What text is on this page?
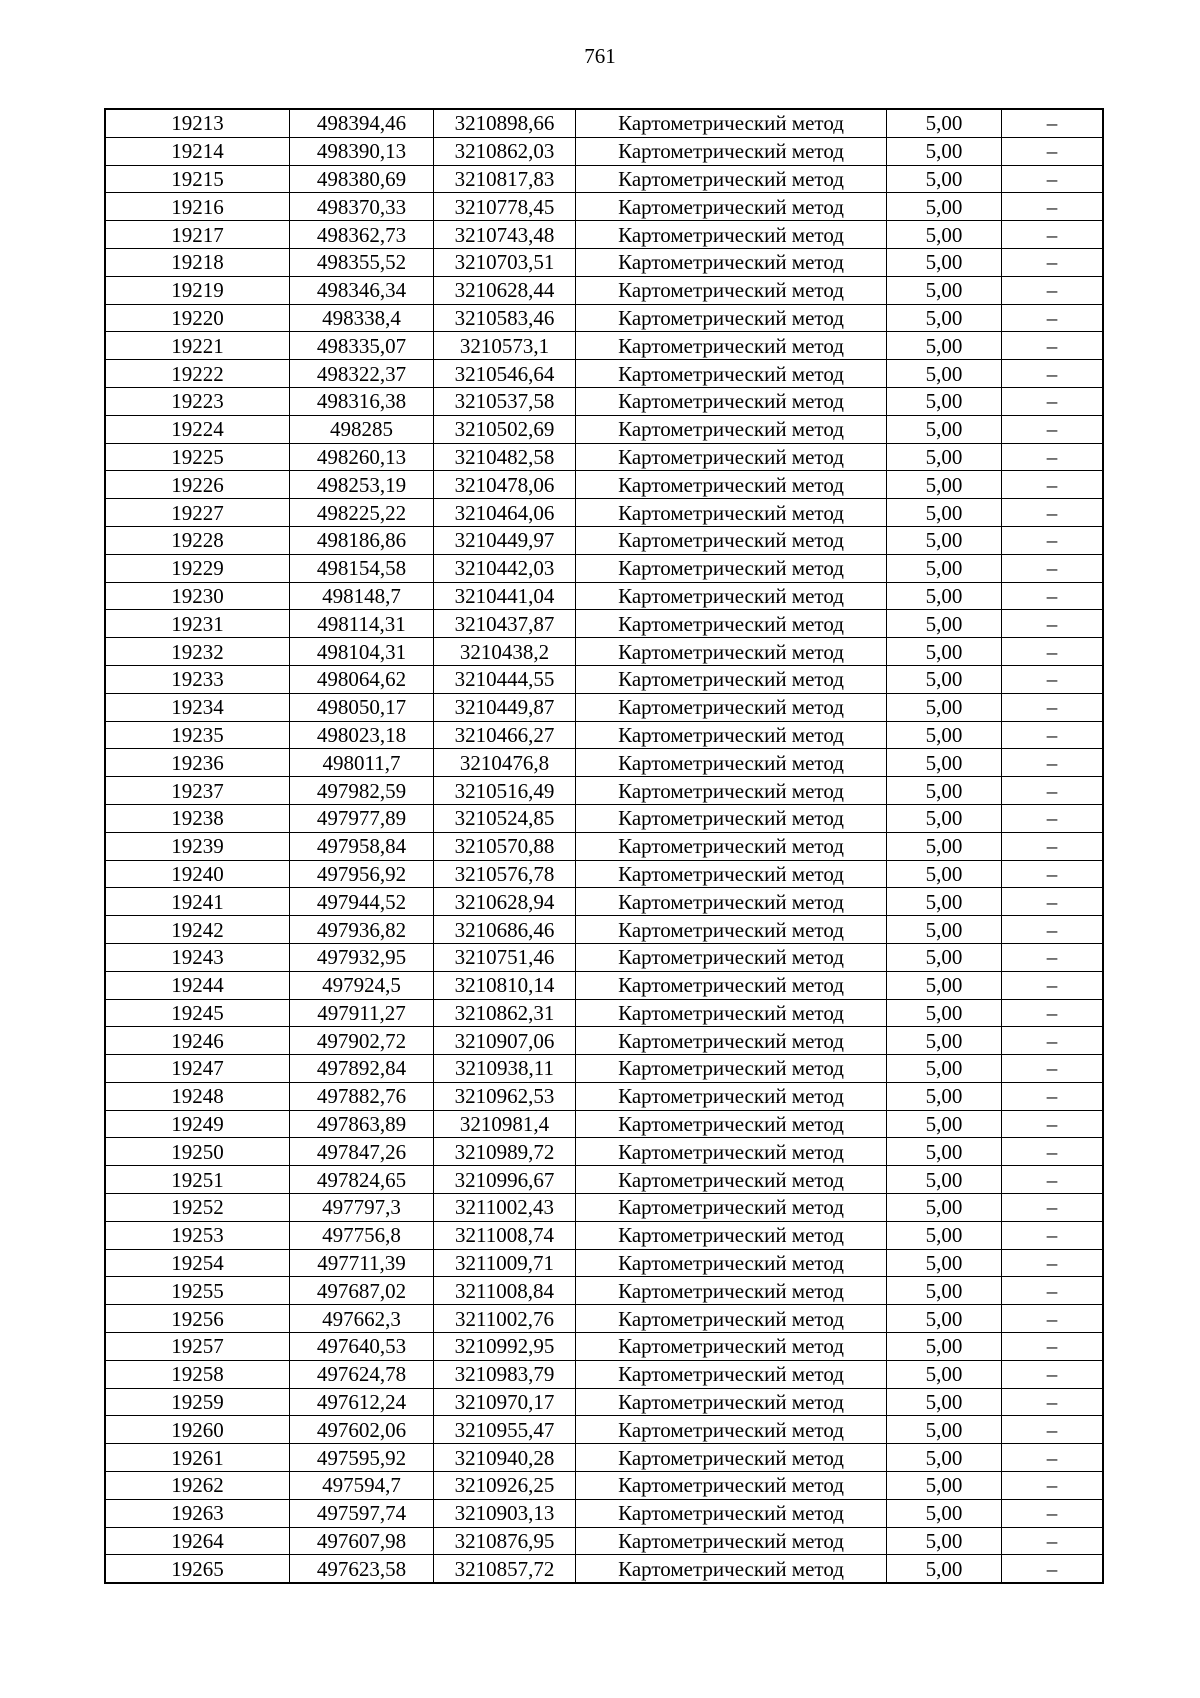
761
19213	498394,46	3210898,66	Картометрический метод	5,00	–
19214	498390,13	3210862,03	Картометрический метод	5,00	–
19215	498380,69	3210817,83	Картометрический метод	5,00	–
19216	498370,33	3210778,45	Картометрический метод	5,00	–
19217	498362,73	3210743,48	Картометрический метод	5,00	–
19218	498355,52	3210703,51	Картометрический метод	5,00	–
19219	498346,34	3210628,44	Картометрический метод	5,00	–
19220	498338,4	3210583,46	Картометрический метод	5,00	–
19221	498335,07	3210573,1	Картометрический метод	5,00	–
19222	498322,37	3210546,64	Картометрический метод	5,00	–
19223	498316,38	3210537,58	Картометрический метод	5,00	–
19224	498285	3210502,69	Картометрический метод	5,00	–
19225	498260,13	3210482,58	Картометрический метод	5,00	–
19226	498253,19	3210478,06	Картометрический метод	5,00	–
19227	498225,22	3210464,06	Картометрический метод	5,00	–
19228	498186,86	3210449,97	Картометрический метод	5,00	–
19229	498154,58	3210442,03	Картометрический метод	5,00	–
19230	498148,7	3210441,04	Картометрический метод	5,00	–
19231	498114,31	3210437,87	Картометрический метод	5,00	–
19232	498104,31	3210438,2	Картометрический метод	5,00	–
19233	498064,62	3210444,55	Картометрический метод	5,00	–
19234	498050,17	3210449,87	Картометрический метод	5,00	–
19235	498023,18	3210466,27	Картометрический метод	5,00	–
19236	498011,7	3210476,8	Картометрический метод	5,00	–
19237	497982,59	3210516,49	Картометрический метод	5,00	–
19238	497977,89	3210524,85	Картометрический метод	5,00	–
19239	497958,84	3210570,88	Картометрический метод	5,00	–
19240	497956,92	3210576,78	Картометрический метод	5,00	–
19241	497944,52	3210628,94	Картометрический метод	5,00	–
19242	497936,82	3210686,46	Картометрический метод	5,00	–
19243	497932,95	3210751,46	Картометрический метод	5,00	–
19244	497924,5	3210810,14	Картометрический метод	5,00	–
19245	497911,27	3210862,31	Картометрический метод	5,00	–
19246	497902,72	3210907,06	Картометрический метод	5,00	–
19247	497892,84	3210938,11	Картометрический метод	5,00	–
19248	497882,76	3210962,53	Картометрический метод	5,00	–
19249	497863,89	3210981,4	Картометрический метод	5,00	–
19250	497847,26	3210989,72	Картометрический метод	5,00	–
19251	497824,65	3210996,67	Картометрический метод	5,00	–
19252	497797,3	3211002,43	Картометрический метод	5,00	–
19253	497756,8	3211008,74	Картометрический метод	5,00	–
19254	497711,39	3211009,71	Картометрический метод	5,00	–
19255	497687,02	3211008,84	Картометрический метод	5,00	–
19256	497662,3	3211002,76	Картометрический метод	5,00	–
19257	497640,53	3210992,95	Картометрический метод	5,00	–
19258	497624,78	3210983,79	Картометрический метод	5,00	–
19259	497612,24	3210970,17	Картометрический метод	5,00	–
19260	497602,06	3210955,47	Картометрический метод	5,00	–
19261	497595,92	3210940,28	Картометрический метод	5,00	–
19262	497594,7	3210926,25	Картометрический метод	5,00	–
19263	497597,74	3210903,13	Картометрический метод	5,00	–
19264	497607,98	3210876,95	Картометрический метод	5,00	–
19265	497623,58	3210857,72	Картометрический метод	5,00	–
